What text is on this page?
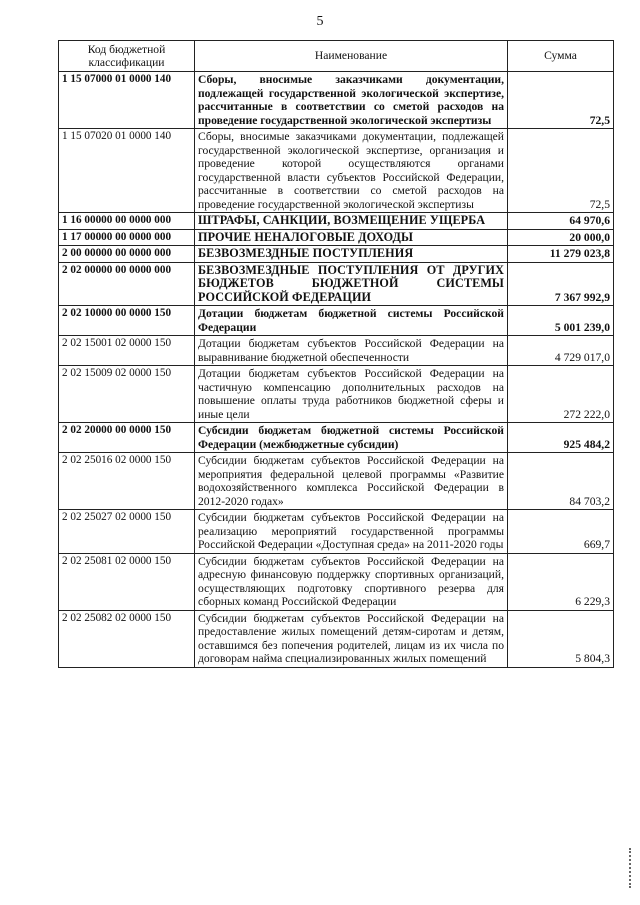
5
Код бюджетной классификации	Наименование	Сумма
1 15 07000 01 0000 140	Сборы, вносимые заказчиками документации, подлежащей государственной экологической экспертизе, рассчитанные в соответствии со сметой расходов на проведение государственной экологической экспертизы	72,5
1 15 07020 01 0000 140	Сборы, вносимые заказчиками документации, подлежащей государственной экологической экспертизе, организация и проведение которой осуществляются органами государственной власти субъектов Российской Федерации, рассчитанные в соответствии со сметой расходов на проведение государственной экологической экспертизы	72,5
1 16 00000 00 0000 000	ШТРАФЫ, САНКЦИИ, ВОЗМЕЩЕНИЕ УЩЕРБА	64 970,6
1 17 00000 00 0000 000	ПРОЧИЕ НЕНАЛОГОВЫЕ ДОХОДЫ	20 000,0
2 00 00000 00 0000 000	БЕЗВОЗМЕЗДНЫЕ ПОСТУПЛЕНИЯ	11 279 023,8
2 02 00000 00 0000 000	БЕЗВОЗМЕЗДНЫЕ ПОСТУПЛЕНИЯ ОТ ДРУГИХ БЮДЖЕТОВ БЮДЖЕТНОЙ СИСТЕМЫ РОССИЙСКОЙ ФЕДЕРАЦИИ	7 367 992,9
2 02 10000 00 0000 150	Дотации бюджетам бюджетной системы Российской Федерации	5 001 239,0
2 02 15001 02 0000 150	Дотации бюджетам субъектов Российской Федерации на выравнивание бюджетной обеспеченности	4 729 017,0
2 02 15009 02 0000 150	Дотации бюджетам субъектов Российской Федерации на частичную компенсацию дополнительных расходов на повышение оплаты труда работников бюджетной сферы и иные цели	272 222,0
2 02 20000 00 0000 150	Субсидии бюджетам бюджетной системы Российской Федерации (межбюджетные субсидии)	925 484,2
2 02 25016 02 0000 150	Субсидии бюджетам субъектов Российской Федерации на мероприятия федеральной целевой программы «Развитие водохозяйственного комплекса Российской Федерации в 2012-2020 годах»	84 703,2
2 02 25027 02 0000 150	Субсидии бюджетам субъектов Российской Федерации на реализацию мероприятий государственной программы Российской Федерации «Доступная среда» на 2011-2020 годы	669,7
2 02 25081 02 0000 150	Субсидии бюджетам субъектов Российской Федерации на адресную финансовую поддержку спортивных организаций, осуществляющих подготовку спортивного резерва для сборных команд Российской Федерации	6 229,3
2 02 25082 02 0000 150	Субсидии бюджетам субъектов Российской Федерации на предоставление жилых помещений детям-сиротам и детям, оставшимся без попечения родителей, лицам из их числа по договорам найма специализированных жилых помещений	5 804,3
